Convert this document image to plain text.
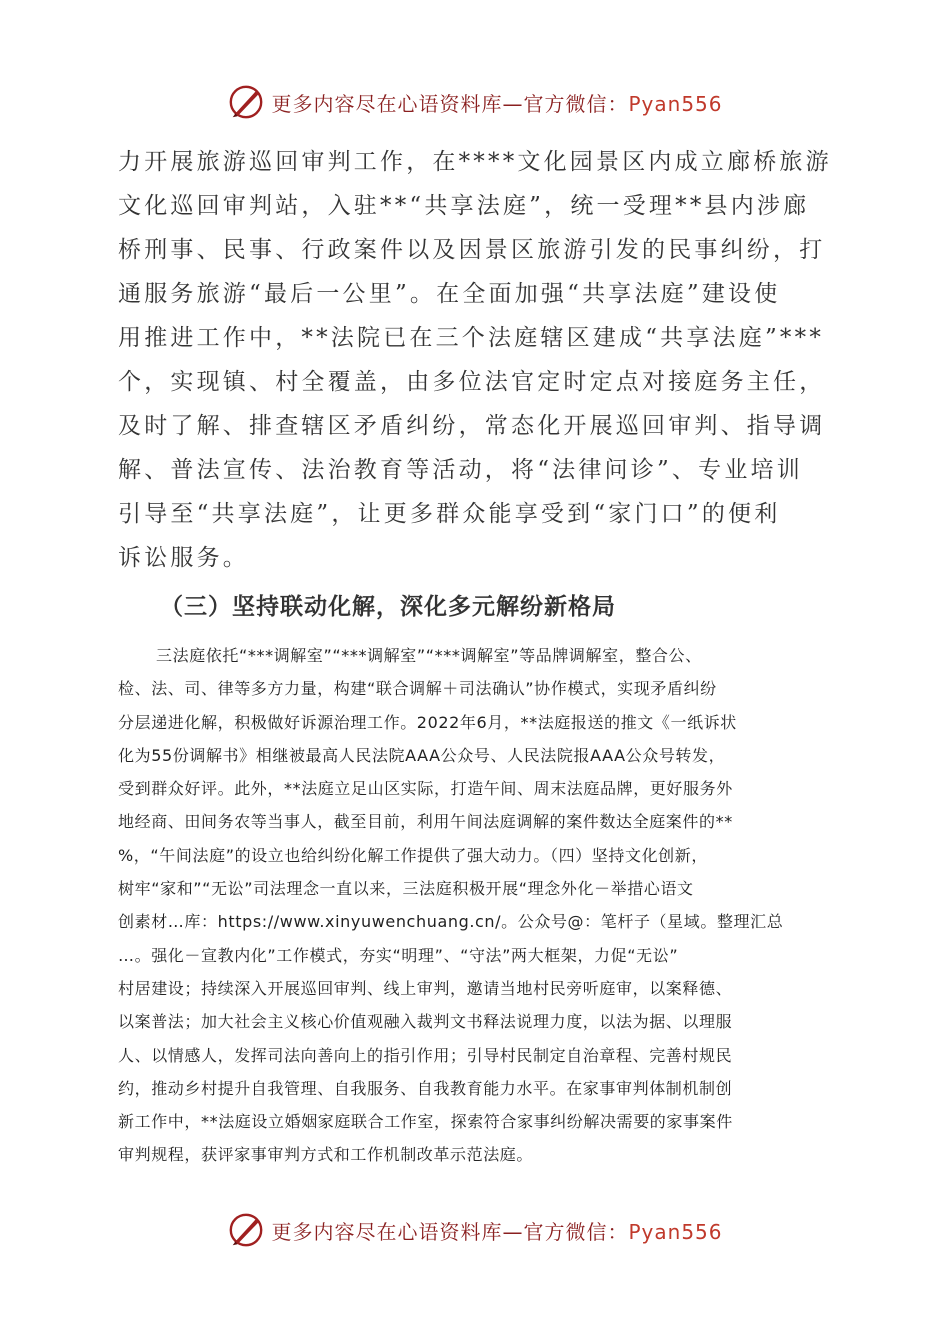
更多内容尽在心语资料库—官方微信：Pyan556
力开展旅游巡回审判工作，在****文化园景区内成立廊桥旅游
文化巡回审判站，入驻**“共享法庭”，统一受理**县内涉廊
桥刑事、民事、行政案件以及因景区旅游引发的民事纠纷，打
通服务旅游“最后一公里”。在全面加强“共享法庭”建设使
用推进工作中，**法院已在三个法庭辖区建成“共享法庭”***
个，实现镇、村全覆盖，由多位法官定时定点对接庭务主任，
及时了解、排查辖区矛盾纠纷，常态化开展巡回审判、指导调
解、普法宣传、法治教育等活动，将“法律问诊”、专业培训
引导至“共享法庭”，让更多群众能享受到“家门口”的便利
诉讼服务。
（三）坚持联动化解，深化多元解纷新格局
三法庭依托“***调解室”“***调解室”“***调解室”等品牌调解室，整合公、
检、法、司、律等多方力量，构建“联合调解＋司法确认”协作模式，实现矛盾纠纷
分层递进化解，积极做好诉源治理工作。2022年6月，**法庭报送的推文《一纸诉状
化为55份调解书》相继被最高人民法院AAA公众号、人民法院报AAA公众号转发，
受到群众好评。此外，**法庭立足山区实际，打造午间、周末法庭品牌，更好服务外
地经商、田间务农等当事人，截至目前，利用午间法庭调解的案件数达全庭案件的**
%，“午间法庭”的设立也给纠纷化解工作提供了强大动力。（四）坚持文化创新，
树牢“家和”“无讼”司法理念一直以来，三法庭积极开展“理念外化－举措心语文
创素材…库：https://www.xinyuwenchuang.cn/。公众号@：笔杆子（星域。整理汇总
…。强化－宣教内化”工作模式，夯实“明理”、“守法”两大框架，力促“无讼”
村居建设；持续深入开展巡回审判、线上审判，邀请当地村民旁听庭审，以案释德、
以案普法；加大社会主义核心价值观融入裁判文书释法说理力度，以法为据、以理服
人、以情感人，发挥司法向善向上的指引作用；引导村民制定自治章程、完善村规民
约，推动乡村提升自我管理、自我服务、自我教育能力水平。在家事审判体制机制创
新工作中，**法庭设立婚姻家庭联合工作室，探索符合家事纠纷解决需要的家事案件
审判规程，获评家事审判方式和工作机制改革示范法庭。
更多内容尽在心语资料库—官方微信：Pyan556
